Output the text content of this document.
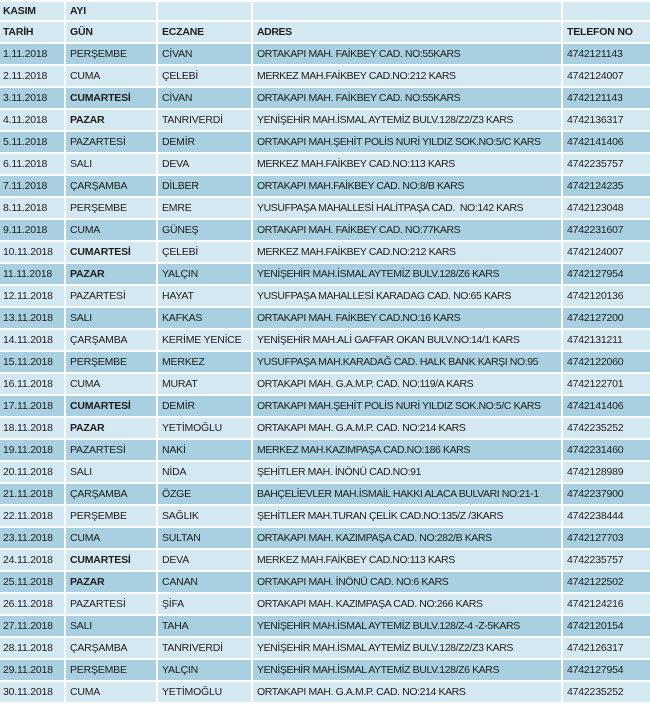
KASIM	AYI
TARİH	GÜN	ECZANE	ADRES	TELEFON NO
1.11.2018	PERŞEMBE	CİVAN	ORTAKAPI MAH. FAİKBEY CAD. NO:55KARS	4742121143
2.11.2018	CUMA	ÇELEBİ	MERKEZ MAH.FAİKBEY CAD.NO:212 KARS	4742124007
3.11.2018	CUMARTESİ	CİVAN	ORTAKAPI MAH. FAİKBEY CAD. NO:55KARS	4742121143
4.11.2018	PAZAR	TANRIVERDİ	YENİŞEHİR MAH.İSMAL AYTEMİZ BULV.128/Z2/Z3 KARS	4742136317
5.11.2018	PAZARTESİ	DEMİR	ORTAKAPI MAH.ŞEHİT POLİS NURİ YILDIZ SOK.NO:5/C KARS	4742141406
6.11.2018	SALI	DEVA	MERKEZ MAH.FAİKBEY CAD.NO:113 KARS	4742235757
7.11.2018	ÇARŞAMBA	DİLBER	ORTAKAPI MAH.FAİKBEY CAD. NO:8/B KARS	4742124235
8.11.2018	PERŞEMBE	EMRE	YUSUFPAŞA MAHALLESİ HALİTPAŞA CAD.  NO:142 KARS	4742123048
9.11.2018	CUMA	GÜNEŞ	ORTAKAPI MAH. FAİKBEY CAD. NO:77KARS	4742231607
10.11.2018	CUMARTESİ	ÇELEBİ	MERKEZ MAH.FAİKBEY CAD.NO:212 KARS	4742124007
11.11.2018	PAZAR	YALÇIN	YENİŞEHİR MAH.İSMAL AYTEMİZ BULV.128/Z6 KARS	4742127954
12.11.2018	PAZARTESİ	HAYAT	YUSUFPAŞA MAHALLESİ KARADAG CAD. NO:65 KARS	4742120136
13.11.2018	SALI	KAFKAS	ORTAKAPI MAH. FAİKBEY CAD.NO:16 KARS	4742127200
14.11.2018	ÇARŞAMBA	KERİME YENİCE	YENİŞEHİR MAH.ALİ GAFFAR OKAN BULV.NO:14/1 KARS	4742131211
15.11.2018	PERŞEMBE	MERKEZ	YUSUFPAŞA MAH.KARADAĞ CAD. HALK BANK KARŞI NO:95	4742122060
16.11.2018	CUMA	MURAT	ORTAKAPI MAH. G.A.M.P. CAD. NO:119/A KARS	4742122701
17.11.2018	CUMARTESİ	DEMİR	ORTAKAPI MAH.ŞEHİT POLİS NURİ YILDIZ SOK.NO:5/C KARS	4742141406
18.11.2018	PAZAR	YETİMOĞLU	ORTAKAPI MAH. G.A.M.P. CAD. NO:214 KARS	4742235252
19.11.2018	PAZARTESİ	NAKİ	MERKEZ MAH.KAZIMPAŞA CAD.NO:186 KARS	4742231460
20.11.2018	SALI	NİDA	ŞEHİTLER MAH. İNÖNÜ CAD.NO:91	4742128989
21.11.2018	ÇARŞAMBA	ÖZGE	BAHÇELİEVLER MAH.İSMAİL HAKKI ALACA BULVARI NO:21-1	4742237900
22.11.2018	PERŞEMBE	SAĞLIK	ŞEHİTLER MAH.TURAN ÇELİK CAD.NO:135/Z /3KARS	4742238444
23.11.2018	CUMA	SULTAN	ORTAKAPI MAH. KAZIMPAŞA CAD. NO:282/B KARS	4742127703
24.11.2018	CUMARTESİ	DEVA	MERKEZ MAH.FAİKBEY CAD.NO:113 KARS	4742235757
25.11.2018	PAZAR	CANAN	ORTAKAPI MAH. İNÖNÜ CAD. NO:6 KARS	4742122502
26.11.2018	PAZARTESİ	ŞİFA	ORTAKAPI MAH. KAZIMPAŞA CAD. NO:266 KARS	4742124216
27.11.2018	SALI	TAHA	YENİŞEHİR MAH.İSMAL AYTEMİZ BULV.128/Z-4 -Z-5KARS	4742120154
28.11.2018	ÇARŞAMBA	TANRIVERDİ	YENİŞEHİR MAH.İSMAL AYTEMİZ BULV.128/Z2/Z3 KARS	4742126317
29.11.2018	PERŞEMBE	YALÇIN	YENİŞEHİR MAH.İSMAL AYTEMİZ BULV.128/Z6 KARS	4742127954
30.11.2018	CUMA	YETİMOĞLU	ORTAKAPI MAH. G.A.M.P. CAD. NO:214 KARS	4742235252
